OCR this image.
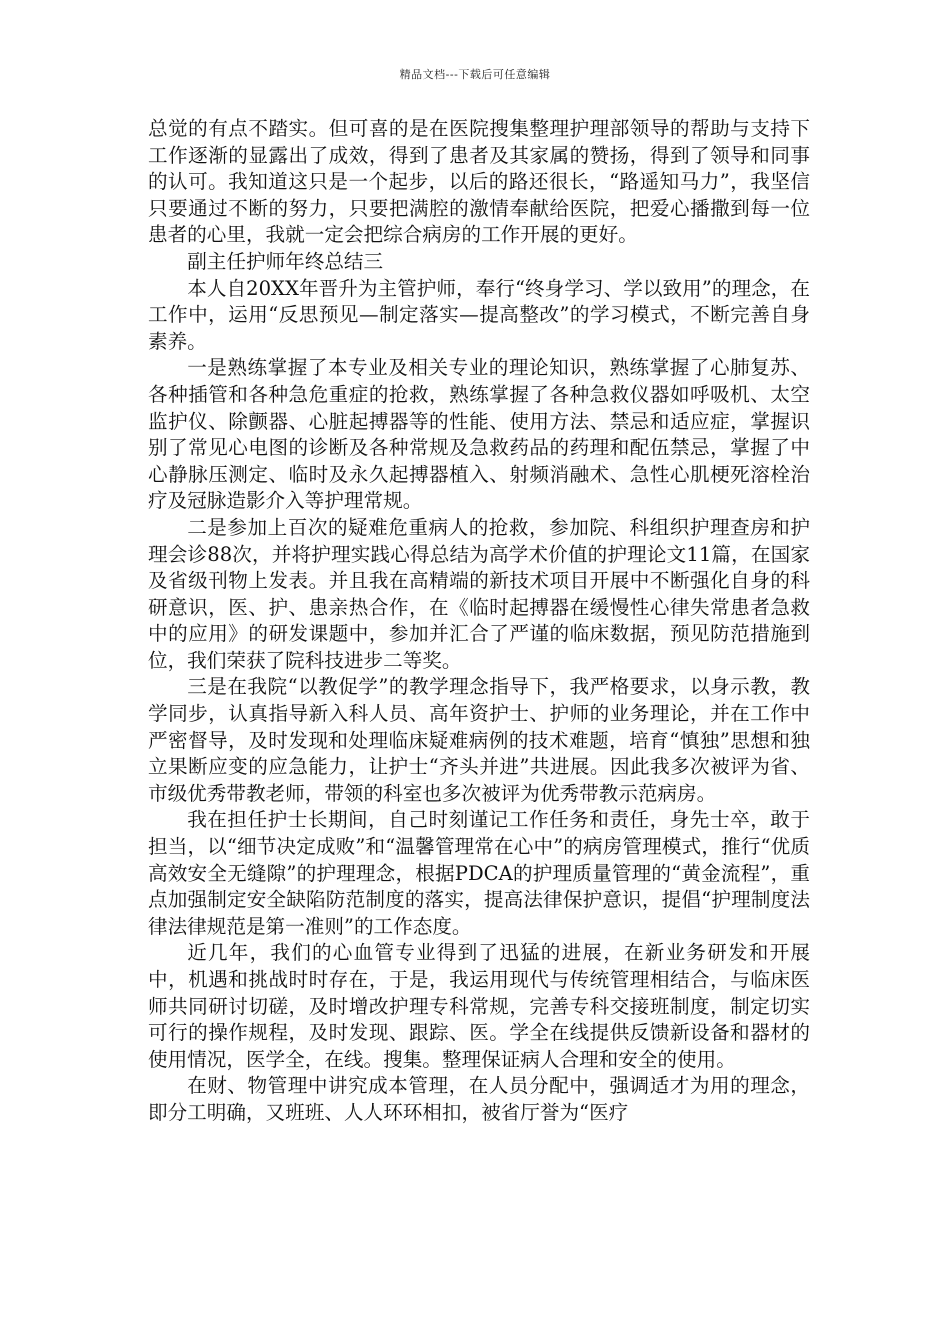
精品文档---下载后可任意编辑

总觉的有点不踏实。但可喜的是在医院搜集整理护理部领导的帮助与支持下工作逐渐的显露出了成效，得到了患者及其家属的赞扬，得到了领导和同事的认可。我知道这只是一个起步，以后的路还很长，“路遥知马力”，我坚信只要通过不断的努力，只要把满腔的激情奉献给医院，把爱心播撒到每一位患者的心里，我就一定会把综合病房的工作开展的更好。

副主任护师年终总结三

本人自20XX年晋升为主管护师，奉行“终身学习、学以致用”的理念，在工作中，运用“反思预见—制定落实—提高整改”的学习模式，不断完善自身素养。

一是熟练掌握了本专业及相关专业的理论知识，熟练掌握了心肺复苏、各种插管和各种急危重症的抢救，熟练掌握了各种急救仪器如呼吸机、太空监护仪、除颤器、心脏起搏器等的性能、使用方法、禁忌和适应症，掌握识别了常见心电图的诊断及各种常规及急救药品的药理和配伍禁忌，掌握了中心静脉压测定、临时及永久起搏器植入、射频消融术、急性心肌梗死溶栓治疗及冠脉造影介入等护理常规。

二是参加上百次的疑难危重病人的抢救，参加院、科组织护理查房和护理会诊88次，并将护理实践心得总结为高学术价值的护理论文11篇，在国家及省级刊物上发表。并且我在高精端的新技术项目开展中不断强化自身的科研意识，医、护、患亲热合作，在《临时起搏器在缓慢性心律失常患者急救中的应用》的研发课题中，参加并汇合了严谨的临床数据，预见防范措施到位，我们荣获了院科技进步二等奖。

三是在我院“以教促学”的教学理念指导下，我严格要求，以身示教，教学同步，认真指导新入科人员、高年资护士、护师的业务理论，并在工作中严密督导，及时发现和处理临床疑难病例的技术难题，培育“慎独”思想和独立果断应变的应急能力，让护士“齐头并进”共进展。因此我多次被评为省、市级优秀带教老师，带领的科室也多次被评为优秀带教示范病房。

我在担任护士长期间，自己时刻谨记工作任务和责任，身先士卒，敢于担当，以“细节决定成败”和“温馨管理常在心中”的病房管理模式，推行“优质高效安全无缝隙”的护理理念，根据PDCA的护理质量管理的“黄金流程”，重点加强制定安全缺陷防范制度的落实，提高法律保护意识，提倡“护理制度法律法律规范是第一准则”的工作态度。

近几年，我们的心血管专业得到了迅猛的进展，在新业务研发和开展中，机遇和挑战时时存在，于是，我运用现代与传统管理相结合，与临床医师共同研讨切磋，及时增改护理专科常规，完善专科交接班制度，制定切实可行的操作规程，及时发现、跟踪、医。学全在线提供反馈新设备和器材的使用情况，医学全，在线。搜集。整理保证病人合理和安全的使用。

在财、物管理中讲究成本管理，在人员分配中，强调适才为用的理念，即分工明确，又班班、人人环环相扣，被省厅誉为“医疗
